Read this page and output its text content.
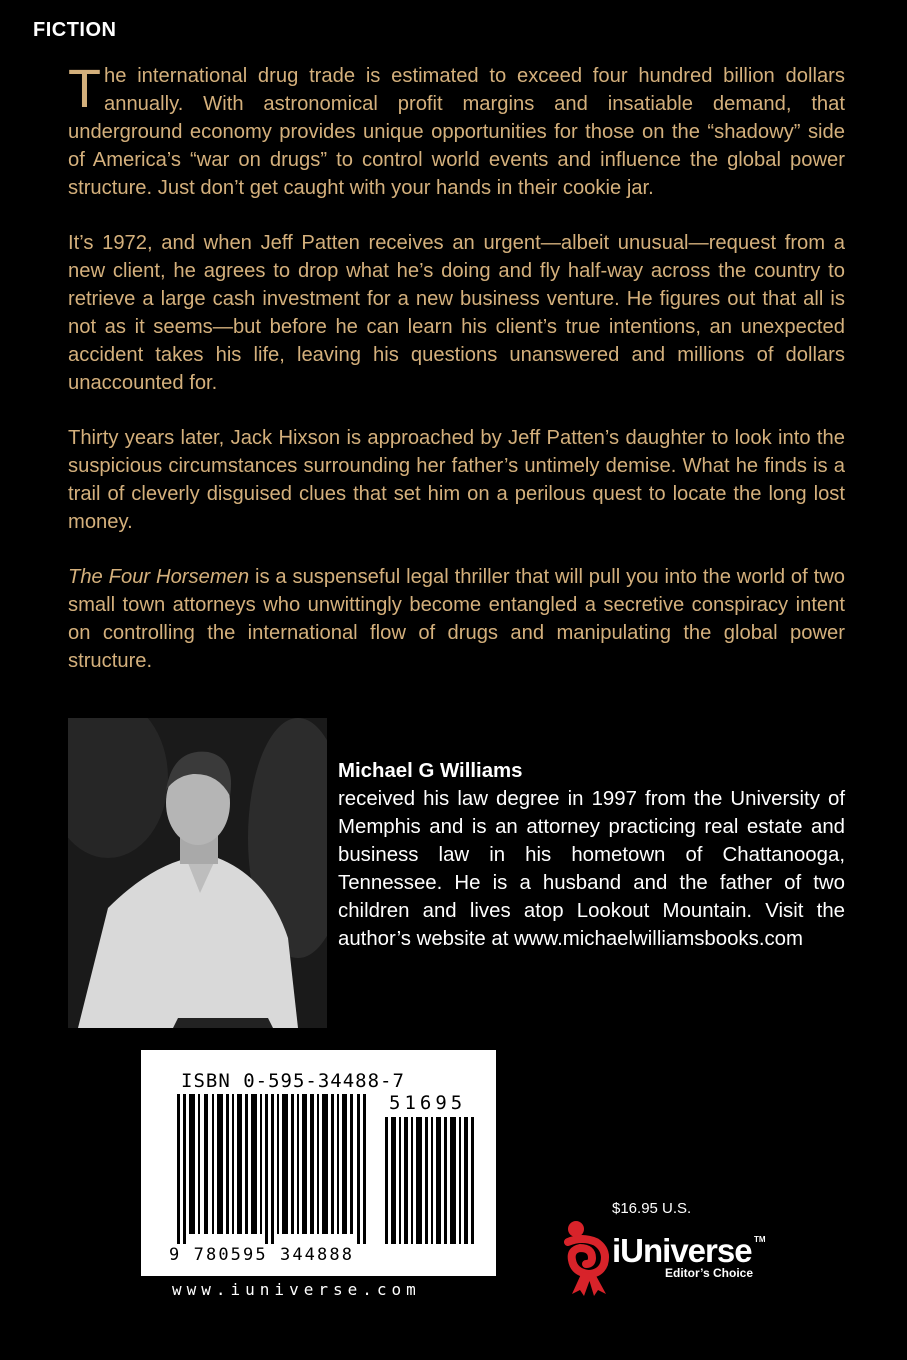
FICTION

The international drug trade is estimated to exceed four hundred billion dollars annually. With astronomical profit margins and insatiable demand, that underground economy provides unique opportunities for those on the “shadowy” side of America’s “war on drugs” to control world events and influence the global power structure. Just don’t get caught with your hands in their cookie jar.

It’s 1972, and when Jeff Patten receives an urgent—albeit unusual—request from a new client, he agrees to drop what he’s doing and fly half-way across the country to retrieve a large cash investment for a new business venture. He figures out that all is not as it seems—but before he can learn his client’s true intentions, an unexpected accident takes his life, leaving his questions unanswered and millions of dollars unaccounted for.

Thirty years later, Jack Hixson is approached by Jeff Patten’s daughter to look into the suspicious circumstances surrounding her father’s untimely demise. What he finds is a trail of cleverly disguised clues that set him on a perilous quest to locate the long lost money.

The Four Horsemen is a suspenseful legal thriller that will pull you into the world of two small town attorneys who unwittingly become entangled a secretive conspiracy intent on controlling the international flow of drugs and manipulating the global power structure.

Michael G Williams
received his law degree in 1997 from the University of Memphis and is an attorney practicing real estate and business law in his hometown of Chattanooga, Tennessee. He is a husband and the father of two children and lives atop Lookout Mountain. Visit the author’s website at www.michaelwilliamsbooks.com
ISBN 0-595-34488-7
51695
9 780595 344888
www.iuniverse.com
$16.95 U.S.
iUniverse TM
Editor’s Choice
